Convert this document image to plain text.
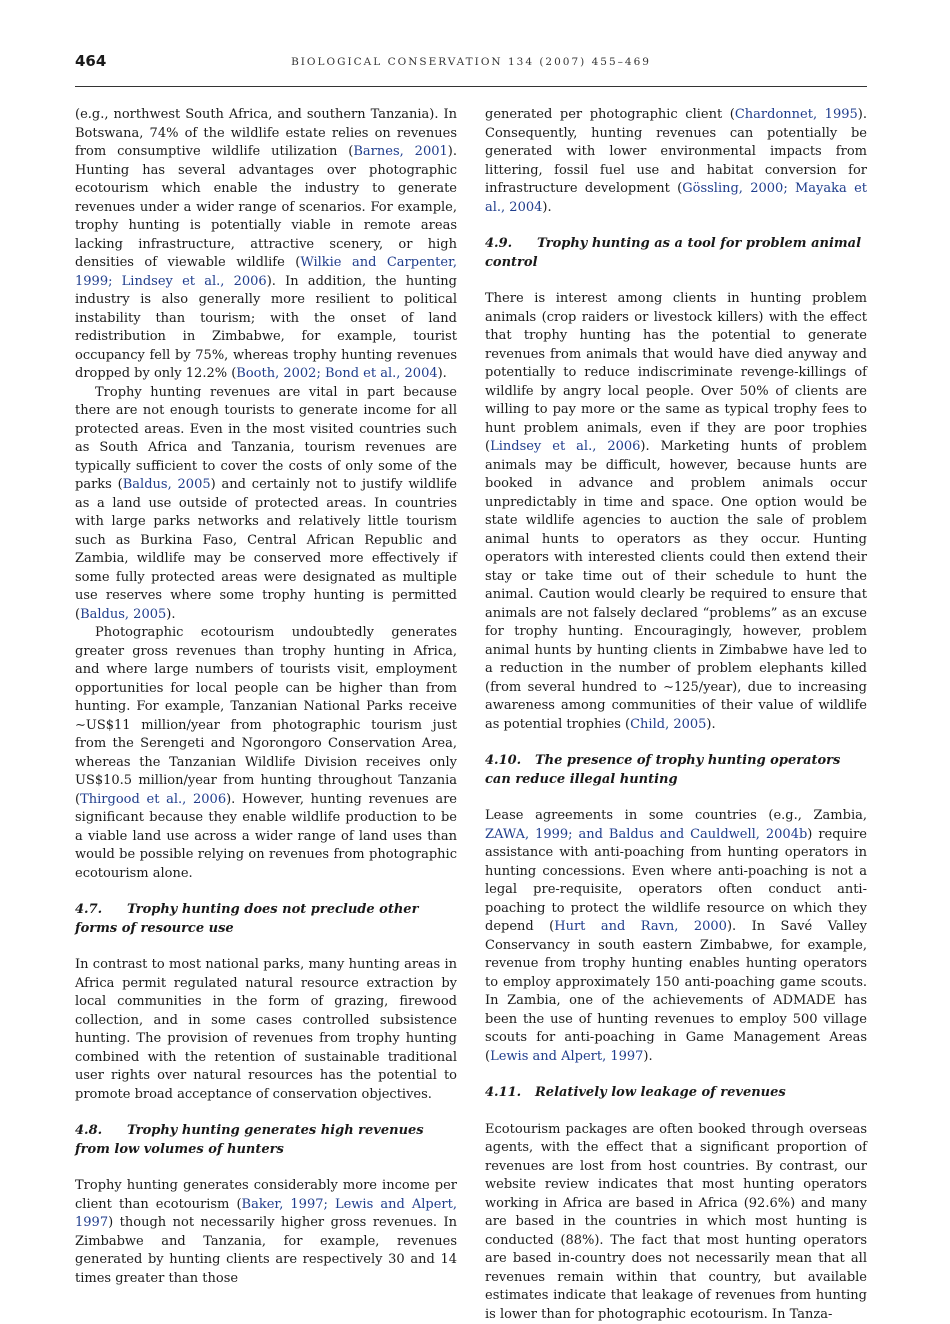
464	BIOLOGICAL CONSERVATION 134 (2007) 455–469

(e.g., northwest South Africa, and southern Tanzania). In Botswana, 74% of the wildlife estate relies on revenues from consumptive wildlife utilization (Barnes, 2001). Hunting has several advantages over photographic ecotourism which enable the industry to generate revenues under a wider range of scenarios. For example, trophy hunting is potentially viable in remote areas lacking infrastructure, attractive scenery, or high densities of viewable wildlife (Wilkie and Carpenter, 1999; Lindsey et al., 2006). In addition, the hunting industry is also generally more resilient to political instability than tourism; with the onset of land redistribution in Zimbabwe, for example, tourist occupancy fell by 75%, whereas trophy hunting revenues dropped by only 12.2% (Booth, 2002; Bond et al., 2004).

Trophy hunting revenues are vital in part because there are not enough tourists to generate income for all protected areas. Even in the most visited countries such as South Africa and Tanzania, tourism revenues are typically sufficient to cover the costs of only some of the parks (Baldus, 2005) and certainly not to justify wildlife as a land use outside of protected areas. In countries with large parks networks and relatively little tourism such as Burkina Faso, Central African Republic and Zambia, wildlife may be conserved more effectively if some fully protected areas were designated as multiple use reserves where some trophy hunting is permitted (Baldus, 2005).

Photographic ecotourism undoubtedly generates greater gross revenues than trophy hunting in Africa, and where large numbers of tourists visit, employment opportunities for local people can be higher than from hunting. For example, Tanzanian National Parks receive ∼US$11 million/year from photographic tourism just from the Serengeti and Ngorongoro Conservation Area, whereas the Tanzanian Wildlife Division receives only US$10.5 million/year from hunting throughout Tanzania (Thirgood et al., 2006). However, hunting revenues are significant because they enable wildlife production to be a viable land use across a wider range of land uses than would be possible relying on revenues from photographic ecotourism alone.

4.7. Trophy hunting does not preclude other forms of resource use

In contrast to most national parks, many hunting areas in Africa permit regulated natural resource extraction by local communities in the form of grazing, firewood collection, and in some cases controlled subsistence hunting. The provision of revenues from trophy hunting combined with the retention of sustainable traditional user rights over natural resources has the potential to promote broad acceptance of conservation objectives.

4.8. Trophy hunting generates high revenues from low volumes of hunters

Trophy hunting generates considerably more income per client than ecotourism (Baker, 1997; Lewis and Alpert, 1997) though not necessarily higher gross revenues. In Zimbabwe and Tanzania, for example, revenues generated by hunting clients are respectively 30 and 14 times greater than those

generated per photographic client (Chardonnet, 1995). Consequently, hunting revenues can potentially be generated with lower environmental impacts from littering, fossil fuel use and habitat conversion for infrastructure development (Gössling, 2000; Mayaka et al., 2004).

4.9. Trophy hunting as a tool for problem animal control

There is interest among clients in hunting problem animals (crop raiders or livestock killers) with the effect that trophy hunting has the potential to generate revenues from animals that would have died anyway and potentially to reduce indiscriminate revenge-killings of wildlife by angry local people. Over 50% of clients are willing to pay more or the same as typical trophy fees to hunt problem animals, even if they are poor trophies (Lindsey et al., 2006). Marketing hunts of problem animals may be difficult, however, because hunts are booked in advance and problem animals occur unpredictably in time and space. One option would be state wildlife agencies to auction the sale of problem animal hunts to operators as they occur. Hunting operators with interested clients could then extend their stay or take time out of their schedule to hunt the animal. Caution would clearly be required to ensure that animals are not falsely declared “problems” as an excuse for trophy hunting. Encouragingly, however, problem animal hunts by hunting clients in Zimbabwe have led to a reduction in the number of problem elephants killed (from several hundred to ∼125/year), due to increasing awareness among communities of their value of wildlife as potential trophies (Child, 2005).

4.10. The presence of trophy hunting operators can reduce illegal hunting

Lease agreements in some countries (e.g., Zambia, ZAWA, 1999; and Baldus and Cauldwell, 2004b) require assistance with anti-poaching from hunting operators in hunting concessions. Even where anti-poaching is not a legal pre-requisite, operators often conduct anti-poaching to protect the wildlife resource on which they depend (Hurt and Ravn, 2000). In Savé Valley Conservancy in south eastern Zimbabwe, for example, revenue from trophy hunting enables hunting operators to employ approximately 150 anti-poaching game scouts. In Zambia, one of the achievements of ADMADE has been the use of hunting revenues to employ 500 village scouts for anti-poaching in Game Management Areas (Lewis and Alpert, 1997).

4.11. Relatively low leakage of revenues

Ecotourism packages are often booked through overseas agents, with the effect that a significant proportion of revenues are lost from host countries. By contrast, our website review indicates that most hunting operators working in Africa are based in Africa (92.6%) and many are based in the countries in which most hunting is conducted (88%). The fact that most hunting operators are based in-country does not necessarily mean that all revenues remain within that country, but available estimates indicate that leakage of revenues from hunting is lower than for photographic ecotourism. In Tanza-
